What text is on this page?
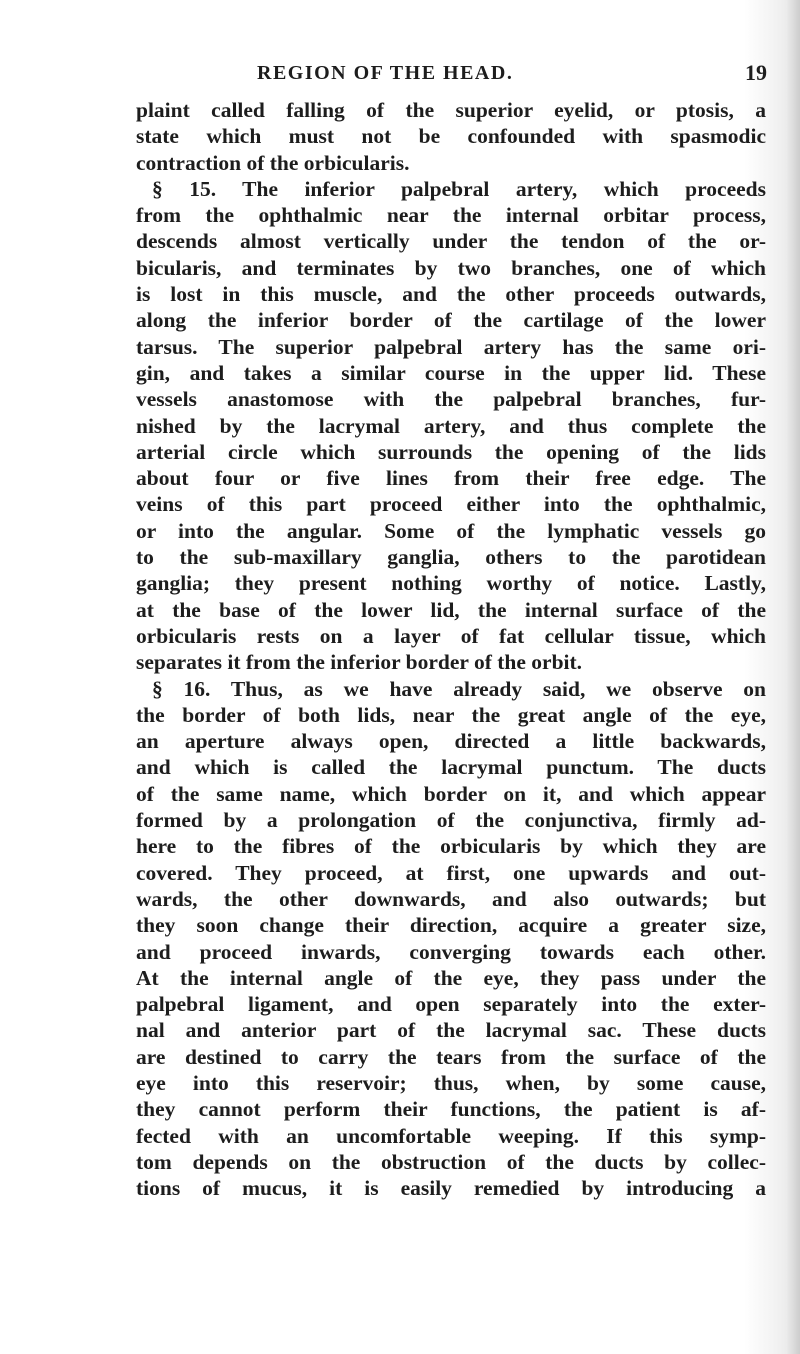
REGION OF THE HEAD.	19
plaint called falling of the superior eyelid, or ptosis, a
state which must not be confounded with spasmodic
contraction of the orbicularis.
§ 15. The inferior palpebral artery, which proceeds
from the ophthalmic near the internal orbitar process,
descends almost vertically under the tendon of the or-
bicularis, and terminates by two branches, one of which
is lost in this muscle, and the other proceeds outwards,
along the inferior border of the cartilage of the lower
tarsus. The superior palpebral artery has the same ori-
gin, and takes a similar course in the upper lid. These
vessels anastomose with the palpebral branches, fur-
nished by the lacrymal artery, and thus complete the
arterial circle which surrounds the opening of the lids
about four or five lines from their free edge. The
veins of this part proceed either into the ophthalmic,
or into the angular. Some of the lymphatic vessels go
to the sub-maxillary ganglia, others to the parotidean
ganglia; they present nothing worthy of notice. Lastly,
at the base of the lower lid, the internal surface of the
orbicularis rests on a layer of fat cellular tissue, which
separates it from the inferior border of the orbit.
§ 16. Thus, as we have already said, we observe on
the border of both lids, near the great angle of the eye,
an aperture always open, directed a little backwards,
and which is called the lacrymal punctum. The ducts
of the same name, which border on it, and which appear
formed by a prolongation of the conjunctiva, firmly ad-
here to the fibres of the orbicularis by which they are
covered. They proceed, at first, one upwards and out-
wards, the other downwards, and also outwards; but
they soon change their direction, acquire a greater size,
and proceed inwards, converging towards each other.
At the internal angle of the eye, they pass under the
palpebral ligament, and open separately into the exter-
nal and anterior part of the lacrymal sac. These ducts
are destined to carry the tears from the surface of the
eye into this reservoir; thus, when, by some cause,
they cannot perform their functions, the patient is af-
fected with an uncomfortable weeping. If this symp-
tom depends on the obstruction of the ducts by collec-
tions of mucus, it is easily remedied by introducing a
